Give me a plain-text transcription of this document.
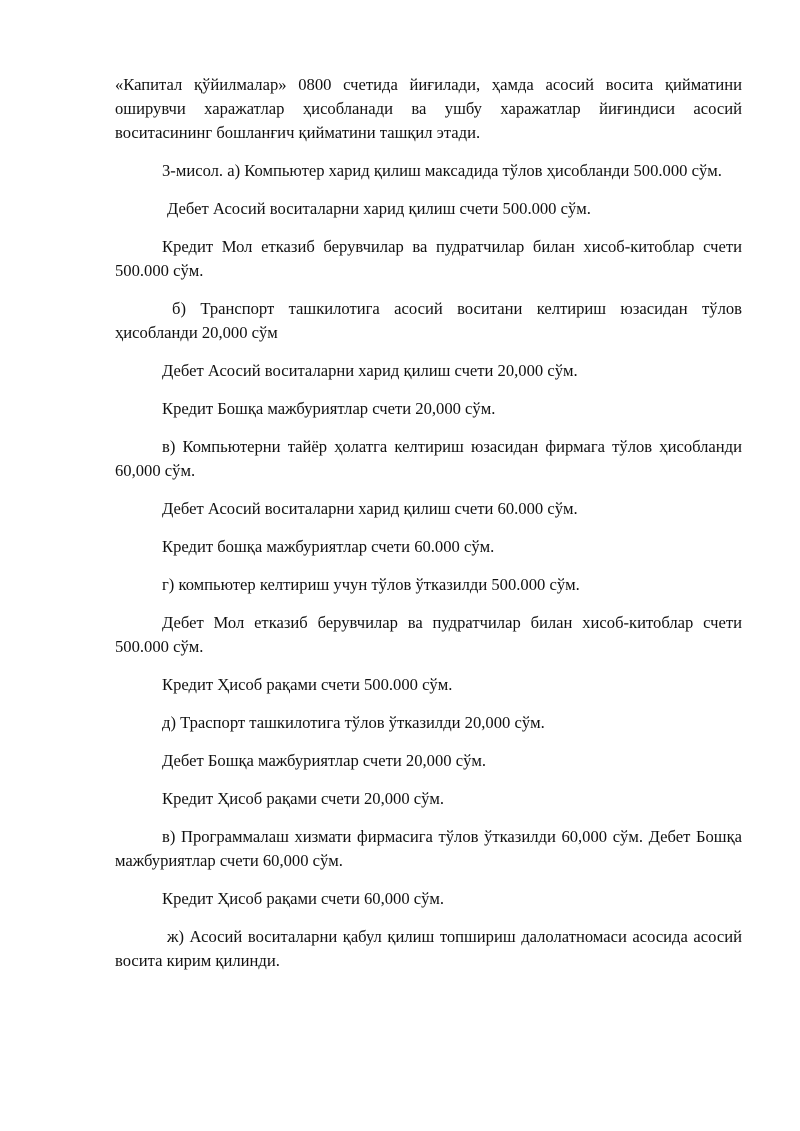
«Капитал қўйилмалар» 0800 счетида йиғилади, ҳамда асосий восита қийматини оширувчи харажатлар ҳисобланади ва ушбу харажатлар йиғиндиси асосий воситасининг бошланғич қийматини ташқил этади.

3-мисол. а) Компьютер харид қилиш максадида тўлов ҳисобланди 500.000 сўм.

Дебет Асосий воситаларни харид қилиш счети 500.000 сўм.

Кредит Мол етказиб берувчилар ва пудратчилар билан хисоб-китоблар счети 500.000 сўм.

б) Транспорт ташкилотига асосий воситани келтириш юзасидан тўлов ҳисобланди 20,000 сўм

Дебет Асосий воситаларни харид қилиш счети 20,000 сўм.

Кредит Бошқа мажбуриятлар счети 20,000 сўм.

в) Компьютерни тайёр ҳолатга келтириш юзасидан фирмага тўлов ҳисобланди 60,000 сўм.

Дебет Асосий воситаларни харид қилиш счети 60.000 сўм.

Кредит бошқа мажбуриятлар счети 60.000 сўм.

г) компьютер келтириш учун тўлов ўтказилди 500.000 сўм.

Дебет Мол етказиб берувчилар ва пудратчилар билан хисоб-китоблар счети 500.000 сўм.

Кредит Ҳисоб рақами счети 500.000 сўм.

д) Траспорт ташкилотига тўлов ўтказилди 20,000 сўм.

Дебет Бошқа мажбуриятлар счети 20,000 сўм.

Кредит Ҳисоб рақами счети 20,000 сўм.

в) Программалаш хизмати фирмасига тўлов ўтказилди 60,000 сўм. Дебет Бошқа мажбуриятлар счети 60,000 сўм.

Кредит Ҳисоб рақами счети 60,000 сўм.

ж) Асосий воситаларни қабул қилиш топшириш далолатномаси асосида асосий восита кирим қилинди.
